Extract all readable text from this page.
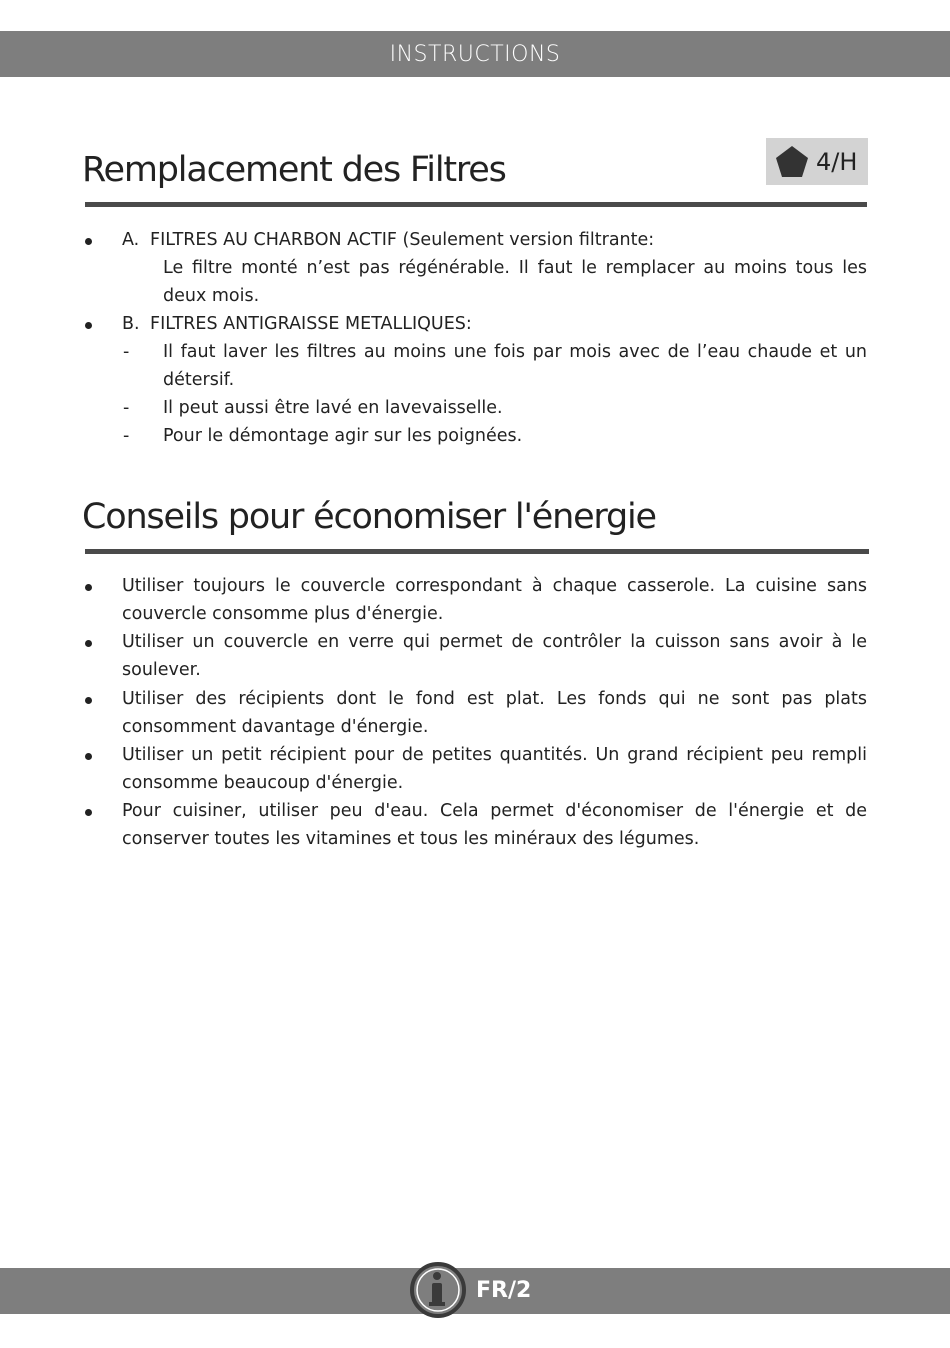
INSTRUCTIONS
Remplacement des Filtres	4/H
A. FILTRES AU CHARBON ACTIF (Seulement version filtrante:
Le filtre monté n’est pas régénérable. Il faut le remplacer au moins tous les
deux mois.
B. FILTRES ANTIGRAISSE METALLIQUES:
- Il faut laver les filtres au moins une fois par mois avec de l’eau chaude et un
détersif.
- Il peut aussi être lavé en lavevaisselle.
- Pour le démontage agir sur les poignées.
Conseils pour économiser l'énergie
Utiliser toujours le couvercle correspondant à chaque casserole. La cuisine sans
couvercle consomme plus d'énergie.
Utiliser un couvercle en verre qui permet de contrôler la cuisson sans avoir à le
soulever.
Utiliser des récipients dont le fond est plat. Les fonds qui ne sont pas plats
consomment davantage d'énergie.
Utiliser un petit récipient pour de petites quantités. Un grand récipient peu rempli
consomme beaucoup d'énergie.
Pour cuisiner, utiliser peu d'eau. Cela permet d'économiser de l'énergie et de
conserver toutes les vitamines et tous les minéraux des légumes.
FR/2
